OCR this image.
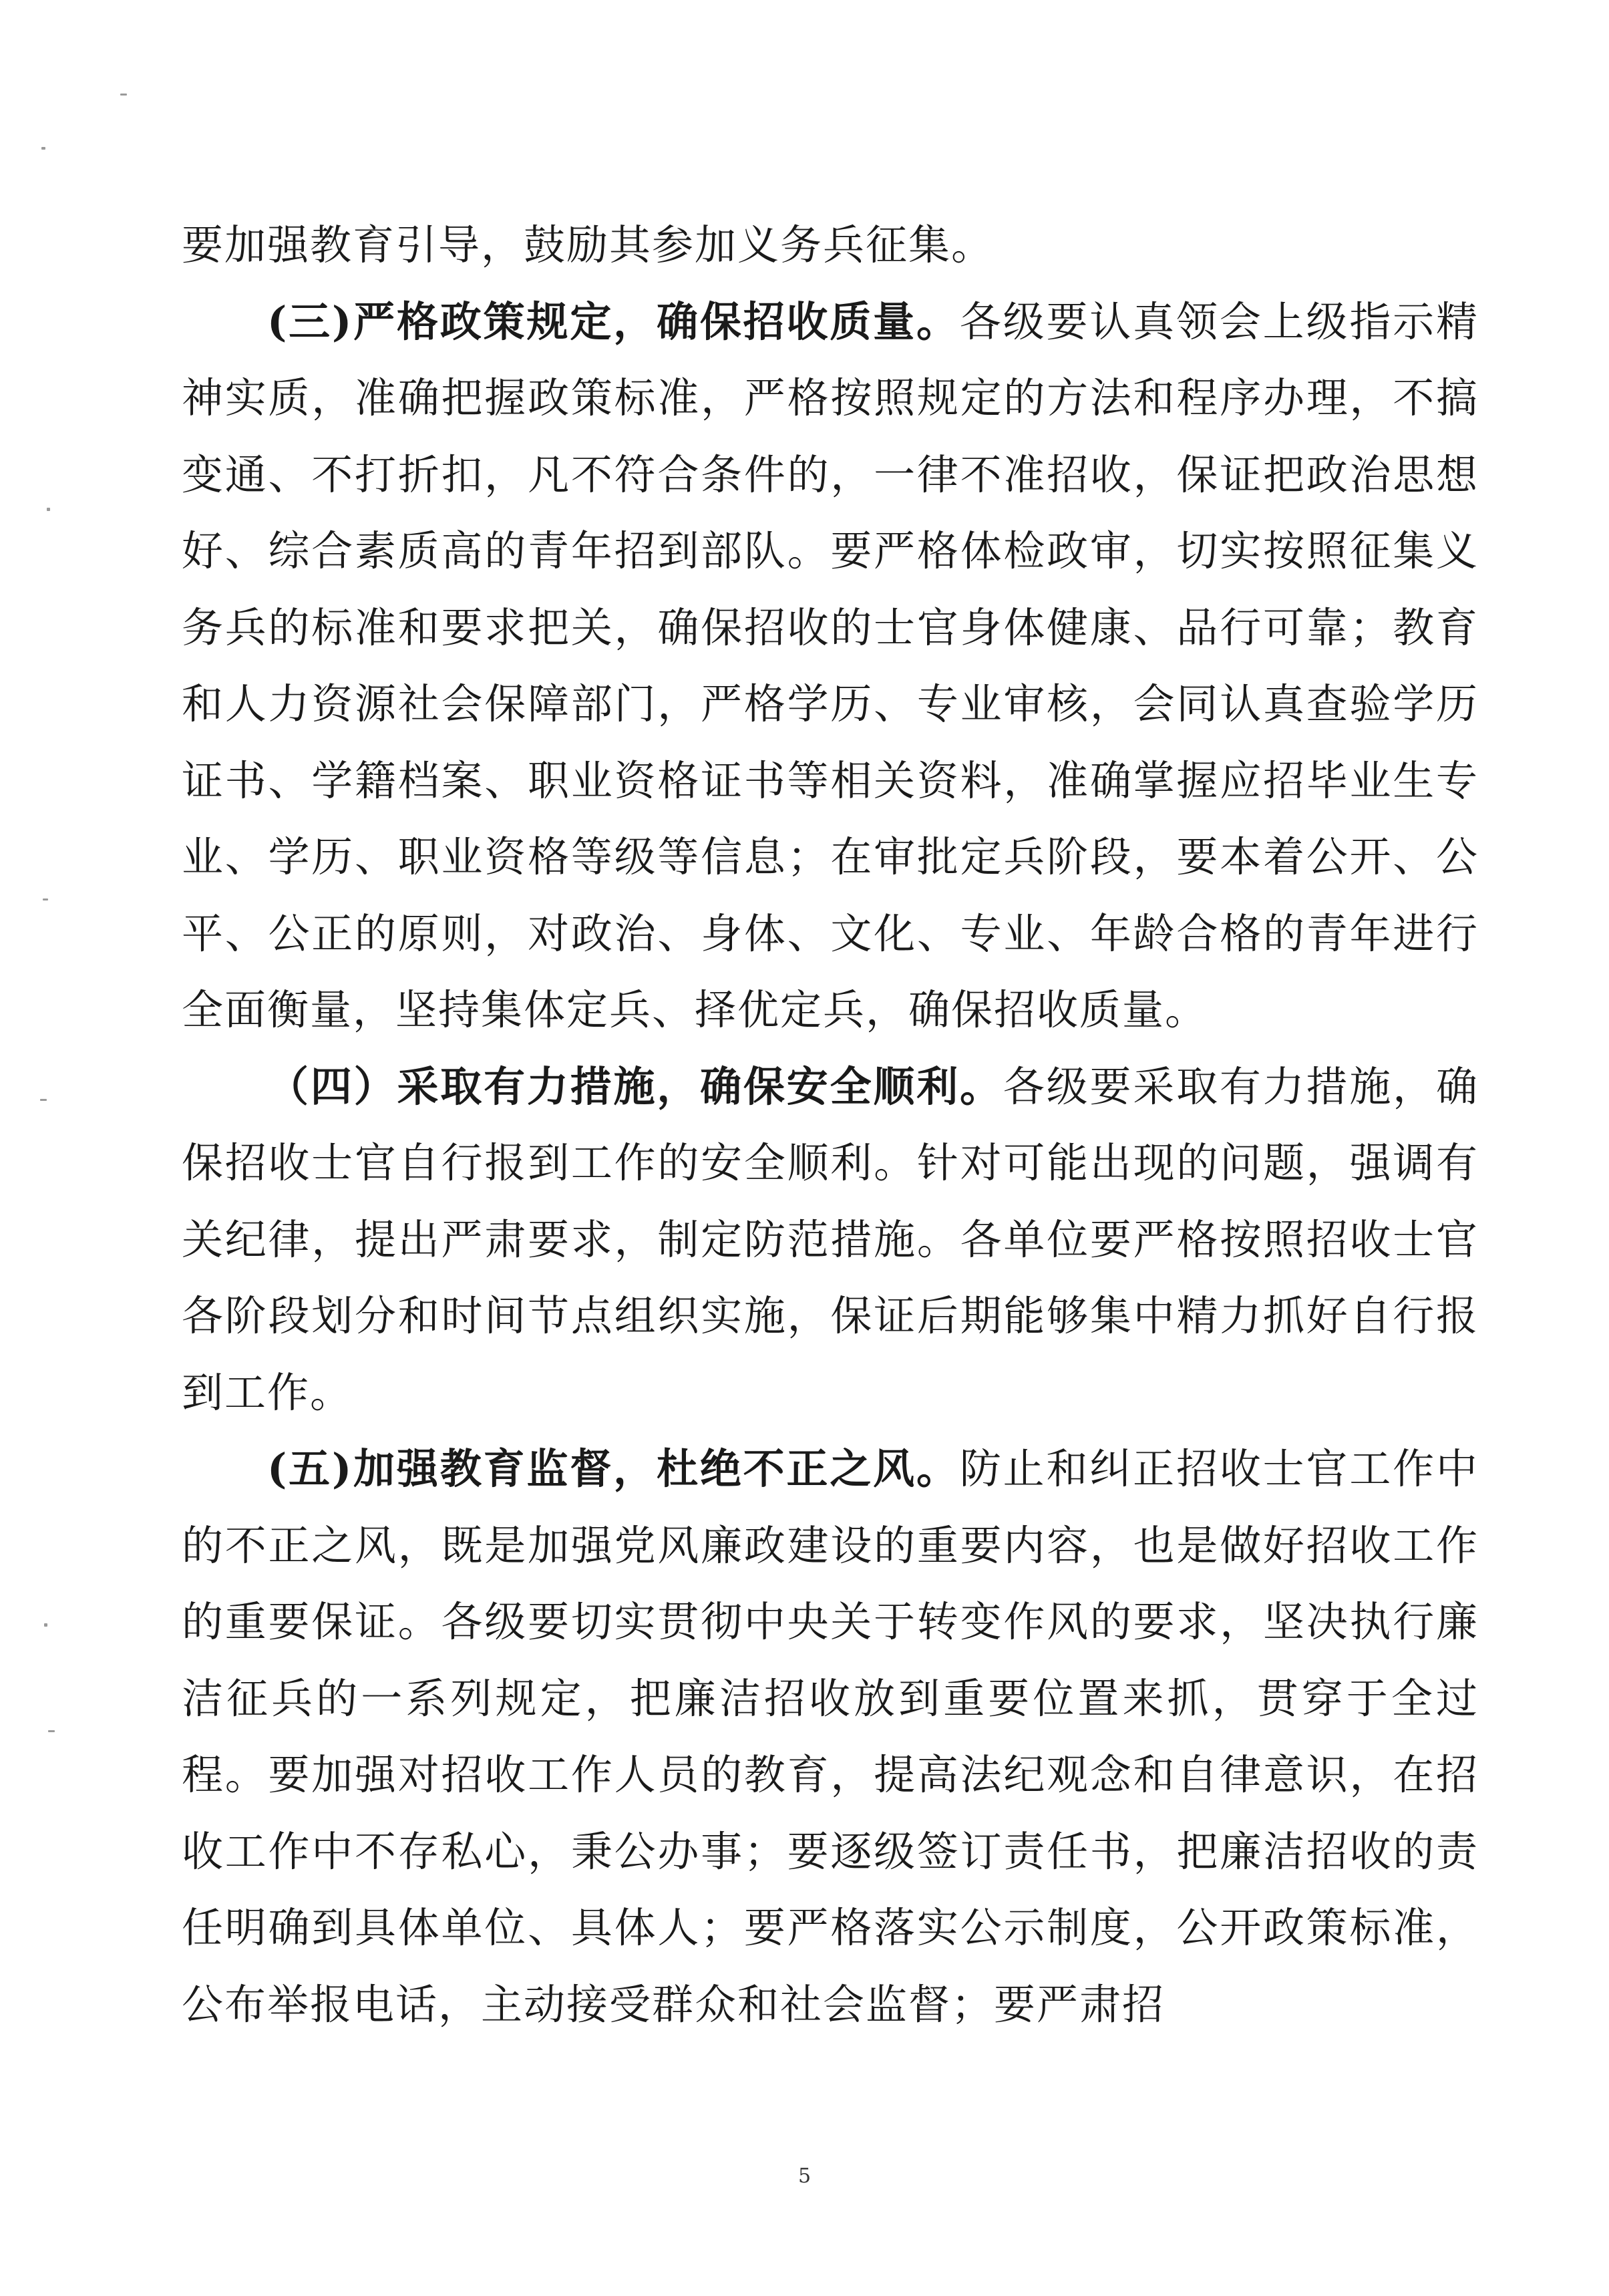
要加强教育引导，鼓励其参加义务兵征集。

(三)严格政策规定，确保招收质量。各级要认真领会上级指示精神实质，准确把握政策标准，严格按照规定的方法和程序办理，不搞变通、不打折扣，凡不符合条件的，一律不准招收，保证把政治思想好、综合素质高的青年招到部队。要严格体检政审，切实按照征集义务兵的标准和要求把关，确保招收的士官身体健康、品行可靠；教育和人力资源社会保障部门，严格学历、专业审核，会同认真查验学历证书、学籍档案、职业资格证书等相关资料，准确掌握应招毕业生专业、学历、职业资格等级等信息；在审批定兵阶段，要本着公开、公平、公正的原则，对政治、身体、文化、专业、年龄合格的青年进行全面衡量，坚持集体定兵、择优定兵，确保招收质量。

（四）采取有力措施，确保安全顺利。各级要采取有力措施，确保招收士官自行报到工作的安全顺利。针对可能出现的问题，强调有关纪律，提出严肃要求，制定防范措施。各单位要严格按照招收士官各阶段划分和时间节点组织实施，保证后期能够集中精力抓好自行报到工作。

(五)加强教育监督，杜绝不正之风。防止和纠正招收士官工作中的不正之风，既是加强党风廉政建设的重要内容，也是做好招收工作的重要保证。各级要切实贯彻中央关于转变作风的要求，坚决执行廉洁征兵的一系列规定，把廉洁招收放到重要位置来抓，贯穿于全过程。要加强对招收工作人员的教育，提高法纪观念和自律意识，在招收工作中不存私心，秉公办事；要逐级签订责任书，把廉洁招收的责任明确到具体单位、具体人；要严格落实公示制度，公开政策标准，公布举报电话，主动接受群众和社会监督；要严肃招

5
